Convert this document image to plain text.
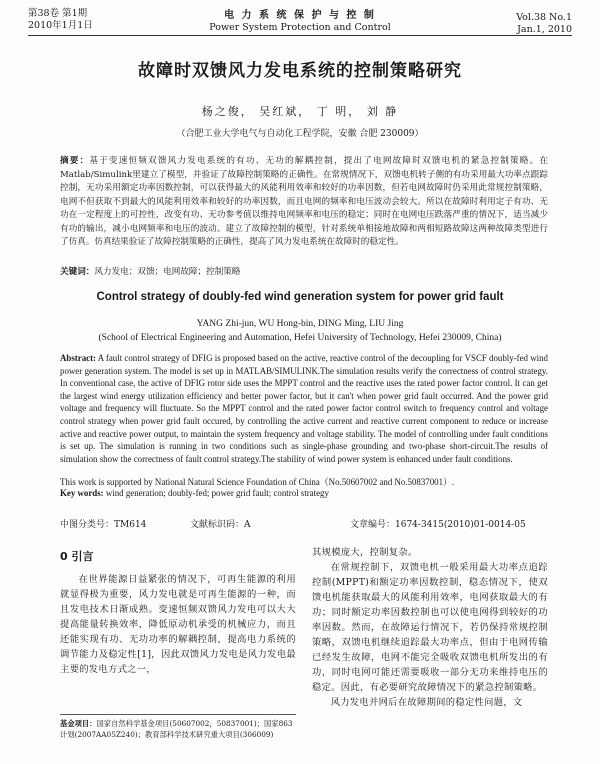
第38卷 第1期
2010年1月1日
电 力 系 统 保 护 与 控 制
Power System Protection and Control
Vol.38 No.1
Jan.1, 2010
故障时双馈风力发电系统的控制策略研究
杨之俊， 吴红斌， 丁 明， 刘 静
（合肥工业大学电气与自动化工程学院，安徽 合肥 230009）
摘要：基于变速恒频双馈风力发电系统的有功、无功的解耦控制，提出了电网故障时双馈电机的紧急控制策略。在Matlab/Simulink里建立了模型，并验证了故障控制策略的正确性。在常规情况下，双馈电机转子侧的有功采用最大功率点跟踪控制，无功采用额定功率因数控制，可以获得最大的风能利用效率和较好的功率因数，但若电网故障时仍采用此常规控制策略，电网不但获取不到最大的风能利用效率和较好的功率因数，而且电网的频率和电压波动会较大。所以在故障时利用定子有功、无功在一定程度上的可控性，改变有功、无功参考值以维持电网频率和电压的稳定；同时在电网电压跌落严重的情况下，适当减少有功的输出，减小电网频率和电压的波动。建立了故障控制的模型，针对系统单相接地故障和两相短路故障这两种故障类型进行了仿真。仿真结果验证了故障控制策略的正确性，提高了风力发电系统在故障时的稳定性。
关键词：风力发电；双馈；电网故障；控制策略
Control strategy of doubly-fed wind generation system for power grid fault
YANG Zhi-jun, WU Hong-bin, DING Ming, LIU Jing
(School of Electrical Engineering and Automation, Hefei University of Technology, Hefei 230009, China)
Abstract: A fault control strategy of DFIG is proposed based on the active, reactive control of the decoupling for VSCF doubly-fed wind power generation system. The model is set up in MATLAB/SIMULINK.The simulation results verify the correctness of control strategy. In conventional case, the active of DFIG rotor side uses the MPPT control and the reactive uses the rated power factor control. It can get the largest wind energy utilization efficiency and better power factor, but it can't when power grid fault occurred. And the power grid voltage and frequency will fluctuate. So the MPPT control and the rated power factor control switch to frequency control and voltage control strategy when power grid fault occured, by controlling the active current and reactive current component to reduce or increase active and reactive power output, to maintain the system frequency and voltage stability. The model of controlling under fault conditions is set up. The simulation is running in two conditions such as single-phase grounding and two-phase short-circuit.The results of simulation show the correctness of fault control strategy.The stability of wind power system is enhanced under fault conditions.
This work is supported by National Natural Science Foundation of China（No.50607002 and No.50837001）.
Key words: wind generation; doubly-fed; power grid fault; control strategy
中图分类号：TM614	文献标识码：A	文章编号：1674-3415(2010)01-0014-05
0 引言

在世界能源日益紧张的情况下，可再生能源的利用就显得极为重要，风力发电就是可再生能源的一种，而且发电技术日渐成熟。变速恒频双馈风力发电可以大大提高能量转换效率，降低原动机承受的机械应力，而且还能实现有功、无功功率的解耦控制，提高电力系统的调节能力及稳定性[1]，因此双馈风力发电是风力发电最主要的发电方式之一，

其规模庞大，控制复杂。

在常规控制下，双馈电机一般采用最大功率点追踪控制(MPPT)和额定功率因数控制，稳态情况下，使双馈电机能获取最大的风能利用效率，电网获取最大的有功；同时额定功率因数控制也可以使电网得到较好的功率因数。然而，在故障运行情况下，若仍保持常规控制策略，双馈电机继续追踪最大功率点，但由于电网传输已经发生故障，电网不能完全吸收双馈电机所发出的有功，同时电网可能还需要吸收一部分无功来维持电压的稳定。因此，有必要研究故障情况下的紧急控制策略。

风力发电并网后在故障期间的稳定性问题，文

基金项目：国家自然科学基金项目(50607002，50837001)；国家863计划(2007AA05Z240)；教育部科学技术研究重大项目(306009)
